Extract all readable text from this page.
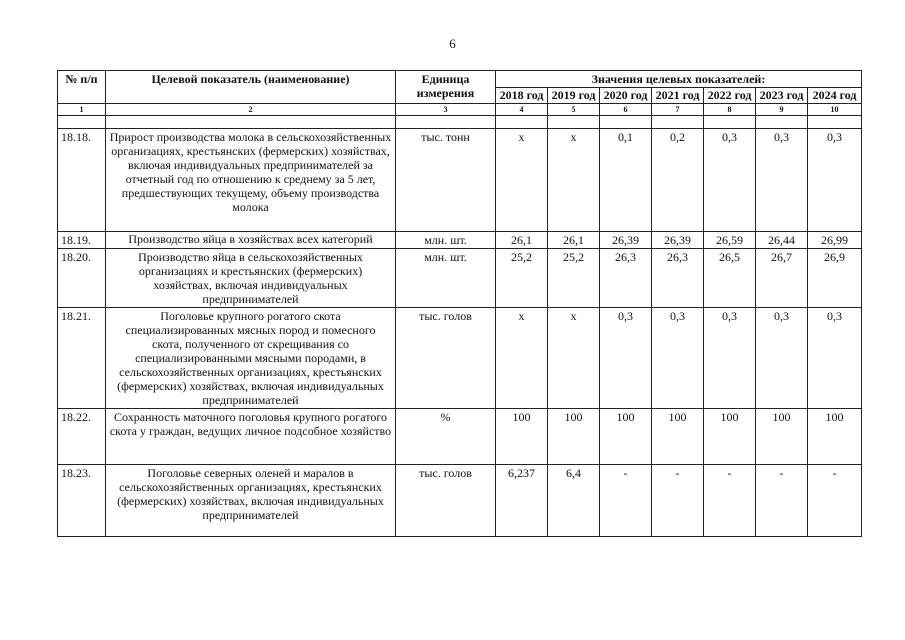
6
№ п/п	Целевой показатель (наименование)	Единица измерения	Значения целевых показателей:						
			2018 год	2019 год	2020 год	2021 год	2022 год	2023 год	2024 год
1	2	3	4	5	6	7	8	9	10

18.18.	Прирост производства молока в сельскохозяйственных организациях, крестьянских (фермерских) хозяйствах, включая индивидуальных предпринимателей за отчетный год по отношению к среднему за 5 лет, предшествующих текущему, объему производства молока	тыс. тонн	х	х	0,1	0,2	0,3	0,3	0,3
18.19.	Производство яйца в хозяйствах всех категорий	млн. шт.	26,1	26,1	26,39	26,39	26,59	26,44	26,99
18.20.	Производство яйца в сельскохозяйственных организациях и крестьянских (фермерских) хозяйствах, включая индивидуальных предпринимателей	млн. шт.	25,2	25,2	26,3	26,3	26,5	26,7	26,9
18.21.	Поголовье крупного рогатого скота специализированных мясных пород и помесного скота, полученного от скрещивания со специализированными мясными породами, в сельскохозяйственных организациях, крестьянских (фермерских) хозяйствах, включая индивидуальных предпринимателей	тыс. голов	х	х	0,3	0,3	0,3	0,3	0,3
18.22.	Сохранность маточного поголовья крупного рогатого скота у граждан, ведущих личное подсобное хозяйство	%	100	100	100	100	100	100	100
18.23.	Поголовье северных оленей и маралов в сельскохозяйственных организациях, крестьянских (фермерских) хозяйствах, включая индивидуальных предпринимателей	тыс. голов	6,237	6,4	-	-	-	-	-
